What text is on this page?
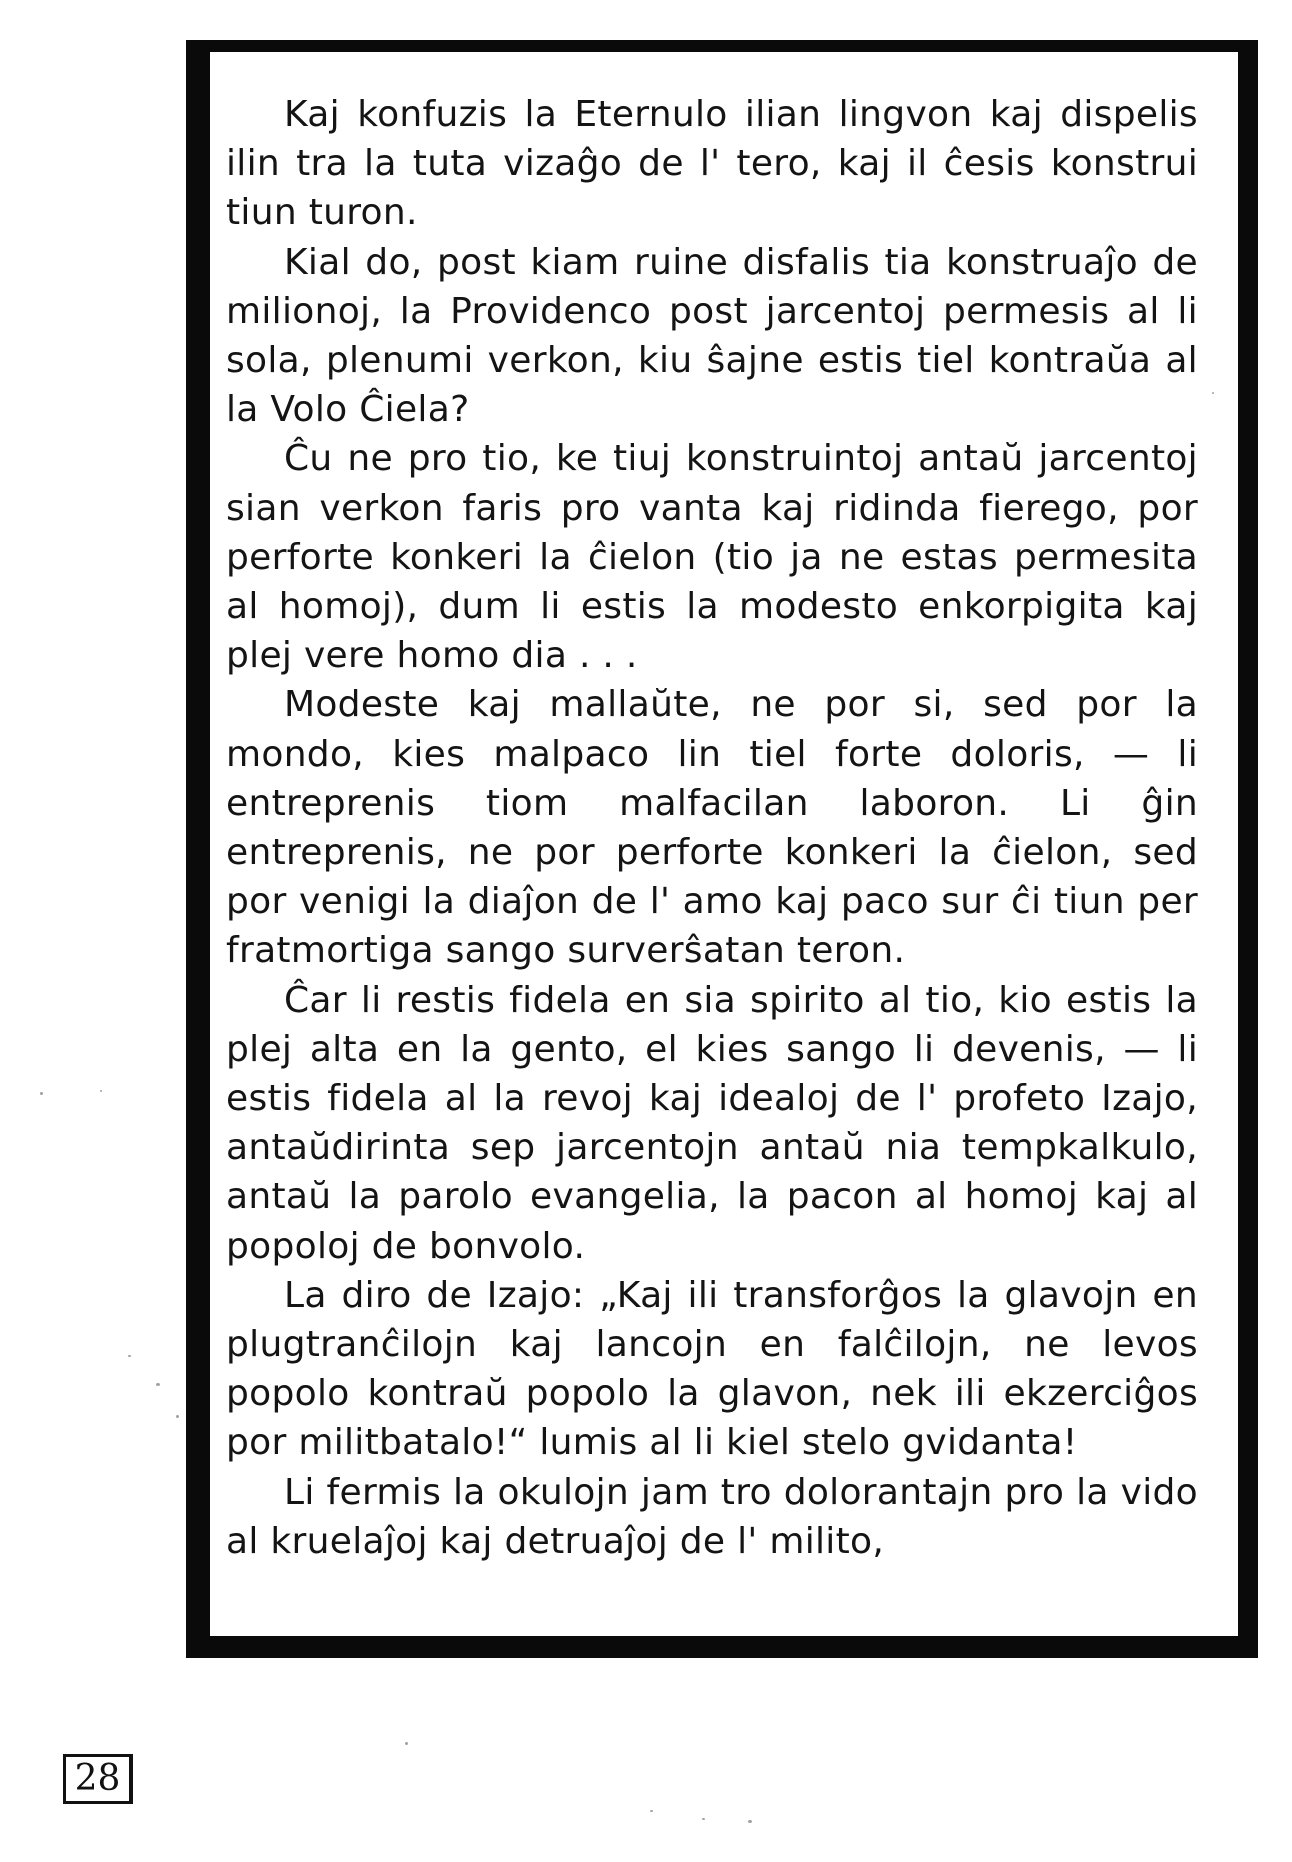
Kaj konfuzis la Eternulo ilian lingvon kaj dispelis ilin tra la tuta vizaĝo de l' tero, kaj il ĉesis konstrui tiun turon.

Kial do, post kiam ruine disfalis tia konstruaĵo de milionoj, la Providenco post jarcentoj permesis al li sola, plenumi verkon, kiu ŝajne estis tiel kontraŭa al la Volo Ĉiela?

Ĉu ne pro tio, ke tiuj konstruintoj antaŭ jarcentoj sian verkon faris pro vanta kaj ridinda fierego, por perforte konkeri la ĉielon (tio ja ne estas permesita al homoj), dum li estis la modesto enkorpigita kaj plej vere homo dia . . .

Modeste kaj mallaŭte, ne por si, sed por la mondo, kies malpaco lin tiel forte doloris, — li entreprenis tiom malfacilan laboron. Li ĝin entreprenis, ne por perforte konkeri la ĉielon, sed por venigi la diaĵon de l' amo kaj paco sur ĉi tiun per fratmortiga sango surverŝatan teron.

Ĉar li restis fidela en sia spirito al tio, kio estis la plej alta en la gento, el kies sango li devenis, — li estis fidela al la revoj kaj idealoj de l' profeto Izajo, antaŭdirinta sep jarcentojn antaŭ nia tempkalkulo, antaŭ la parolo evangelia, la pacon al homoj kaj al popoloj de bonvolo.

La diro de Izajo: „Kaj ili transforĝos la glavojn en plugtranĉilojn kaj lancojn en falĉilojn, ne levos popolo kontraŭ popolo la glavon, nek ili ekzerciĝos por militbatalo!“ lumis al li kiel stelo gvidanta!

Li fermis la okulojn jam tro dolorantajn pro la vido al kruelaĵoj kaj detruaĵoj de l' milito,

28
